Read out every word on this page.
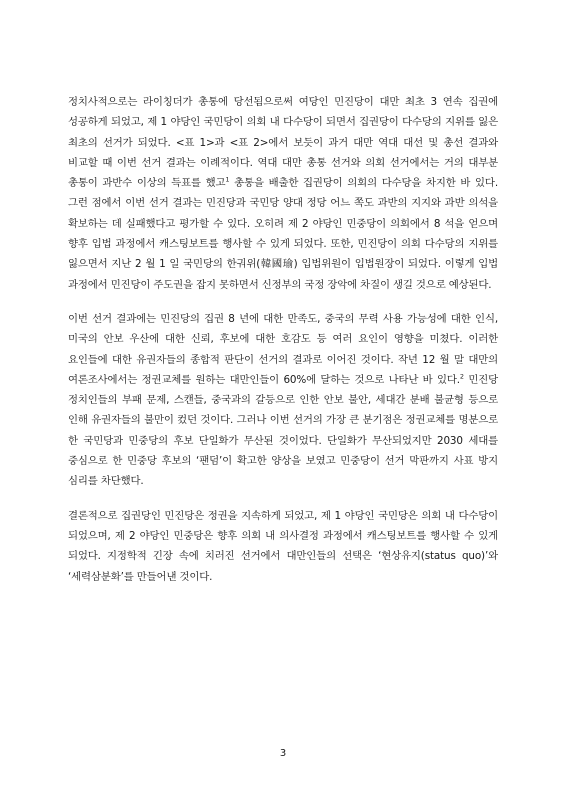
정치사적으로는 라이칭더가 총통에 당선됨으로써 여당인 민진당이 대만 최초 3 연속 집권에 성공하게 되었고, 제 1 야당인 국민당이 의회 내 다수당이 되면서 집권당이 다수당의 지위를 잃은 최초의 선거가 되었다. <표 1>과 <표 2>에서 보듯이 과거 대만 역대 대선 및 총선 결과와 비교할 때 이번 선거 결과는 이례적이다. 역대 대만 총통 선거와 의회 선거에서는 거의 대부분 총통이 과반수 이상의 득표를 했고$^1$ 총통을 배출한 집권당이 의회의 다수당을 차지한 바 있다. 그런 점에서 이번 선거 결과는 민진당과 국민당 양대 정당 어느 쪽도 과반의 지지와 과반 의석을 확보하는 데 실패했다고 평가할 수 있다. 오히려 제 2 야당인 민중당이 의회에서 8 석을 얻으며 향후 입법 과정에서 캐스팅보트를 행사할 수 있게 되었다. 또한, 민진당이 의회 다수당의 지위를 잃으면서 지난 2 월 1 일 국민당의 한궈위(韓國瑜) 입법위원이 입법원장이 되었다. 이렇게 입법 과정에서 민진당이 주도권을 잡지 못하면서 신정부의 국정 장악에 차질이 생길 것으로 예상된다.

이번 선거 결과에는 민진당의 집권 8 년에 대한 만족도, 중국의 무력 사용 가능성에 대한 인식, 미국의 안보 우산에 대한 신뢰, 후보에 대한 호감도 등 여러 요인이 영향을 미쳤다. 이러한 요인들에 대한 유권자들의 종합적 판단이 선거의 결과로 이어진 것이다. 작년 12 월 말 대만의 여론조사에서는 정권교체를 원하는 대만인들이 60%에 달하는 것으로 나타난 바 있다.$^2$ 민진당 정치인들의 부패 문제, 스캔들, 중국과의 갈등으로 인한 안보 불안, 세대간 분배 불균형 등으로 인해 유권자들의 불만이 컸던 것이다. 그러나 이번 선거의 가장 큰 분기점은 정권교체를 명분으로 한 국민당과 민중당의 후보 단일화가 무산된 것이었다. 단일화가 무산되었지만 2030 세대를 중심으로 한 민중당 후보의 ‘팬덤’이 확고한 양상을 보였고 민중당이 선거 막판까지 사표 방지 심리를 차단했다.

결론적으로 집권당인 민진당은 정권을 지속하게 되었고, 제 1 야당인 국민당은 의회 내 다수당이 되었으며, 제 2 야당인 민중당은 향후 의회 내 의사결정 과정에서 캐스팅보트를 행사할 수 있게 되었다. 지정학적 긴장 속에 치러진 선거에서 대만인들의 선택은 ‘현상유지(status quo)’와 ‘세력삼분화’를 만들어낸 것이다.

3
